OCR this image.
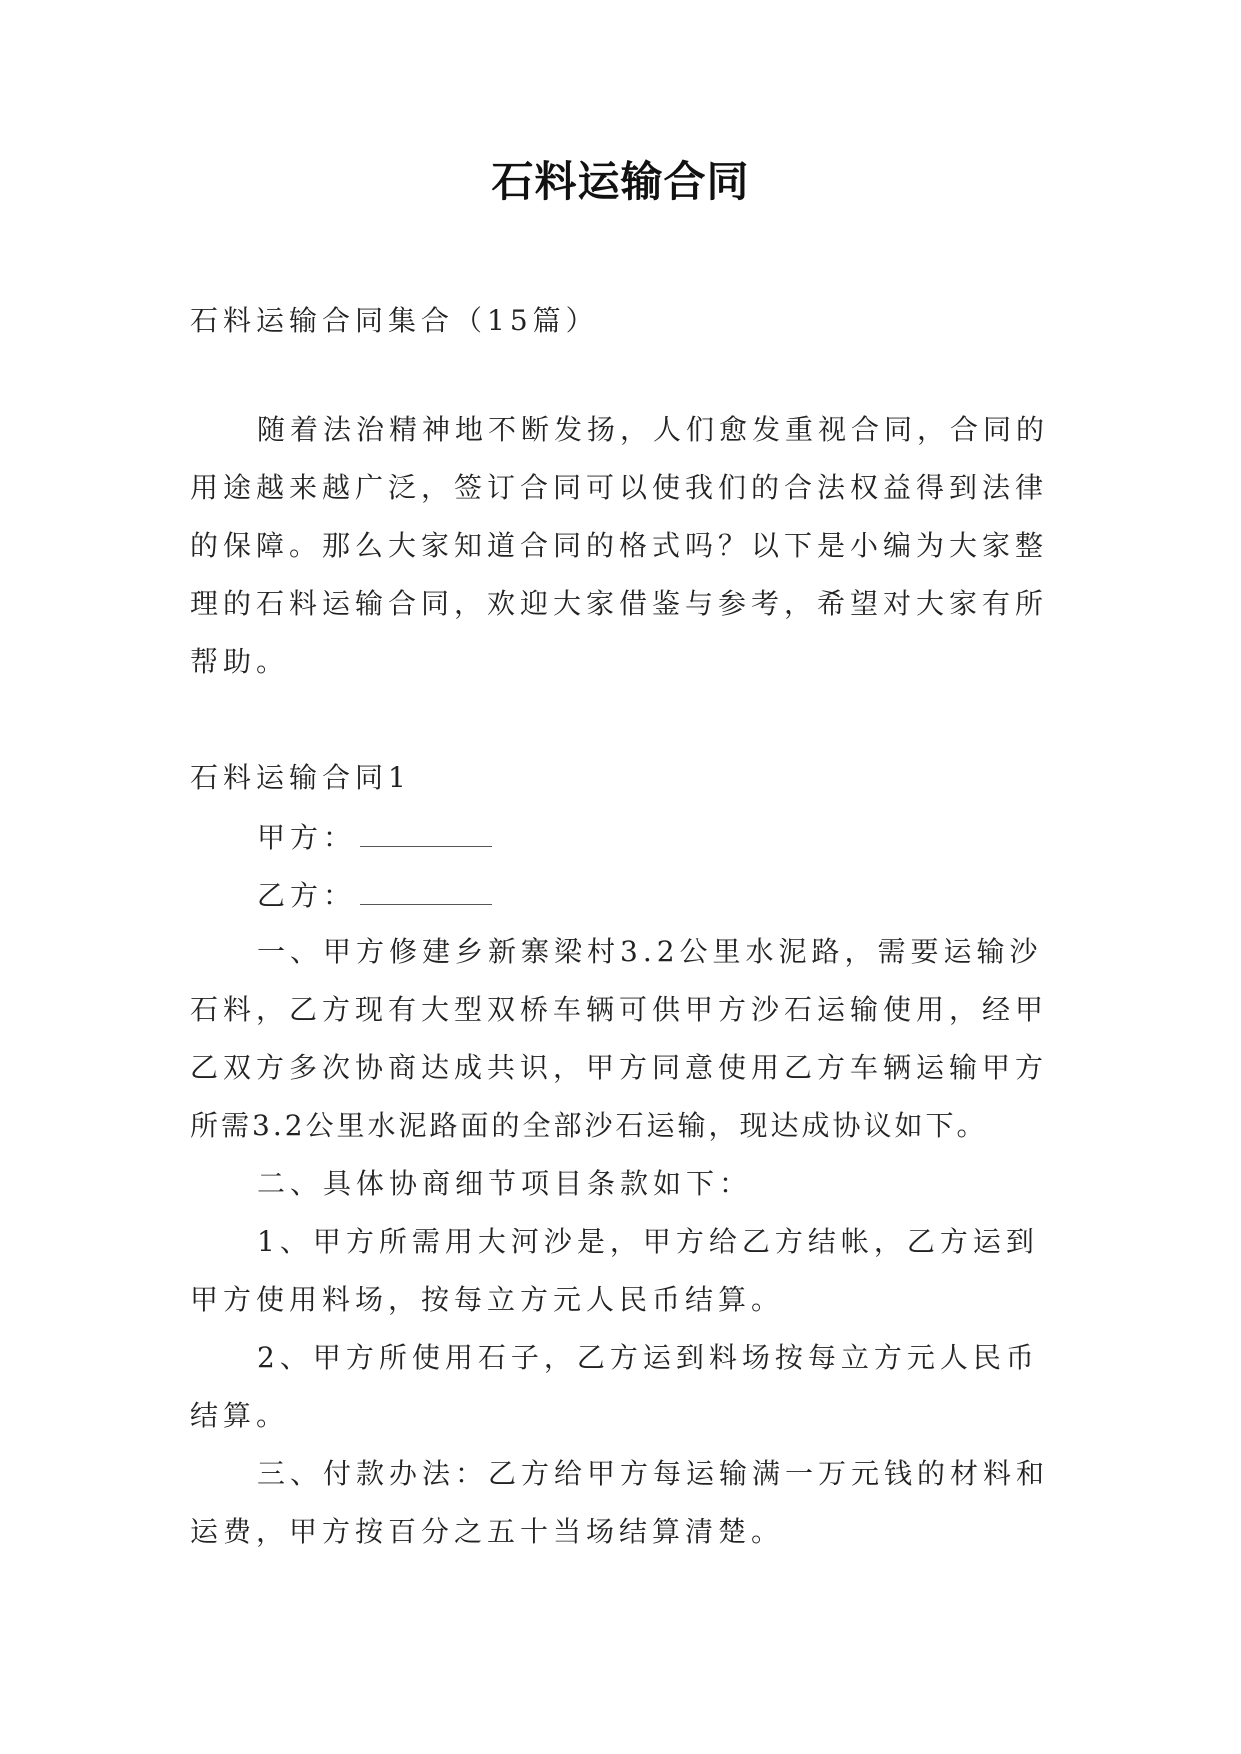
石料运输合同
石料运输合同集合（15篇）
随着法治精神地不断发扬，人们愈发重视合同，合同的
用途越来越广泛，签订合同可以使我们的合法权益得到法律
的保障。那么大家知道合同的格式吗？以下是小编为大家整
理的石料运输合同，欢迎大家借鉴与参考，希望对大家有所
帮助。
石料运输合同1
甲方：
乙方：
一、甲方修建乡新寨梁村3.2公里水泥路，需要运输沙
石料，乙方现有大型双桥车辆可供甲方沙石运输使用，经甲
乙双方多次协商达成共识，甲方同意使用乙方车辆运输甲方
所需3.2公里水泥路面的全部沙石运输，现达成协议如下。
二、具体协商细节项目条款如下：
1、甲方所需用大河沙是，甲方给乙方结帐，乙方运到
甲方使用料场，按每立方元人民币结算。
2、甲方所使用石子，乙方运到料场按每立方元人民币
结算。
三、付款办法：乙方给甲方每运输满一万元钱的材料和
运费，甲方按百分之五十当场结算清楚。
